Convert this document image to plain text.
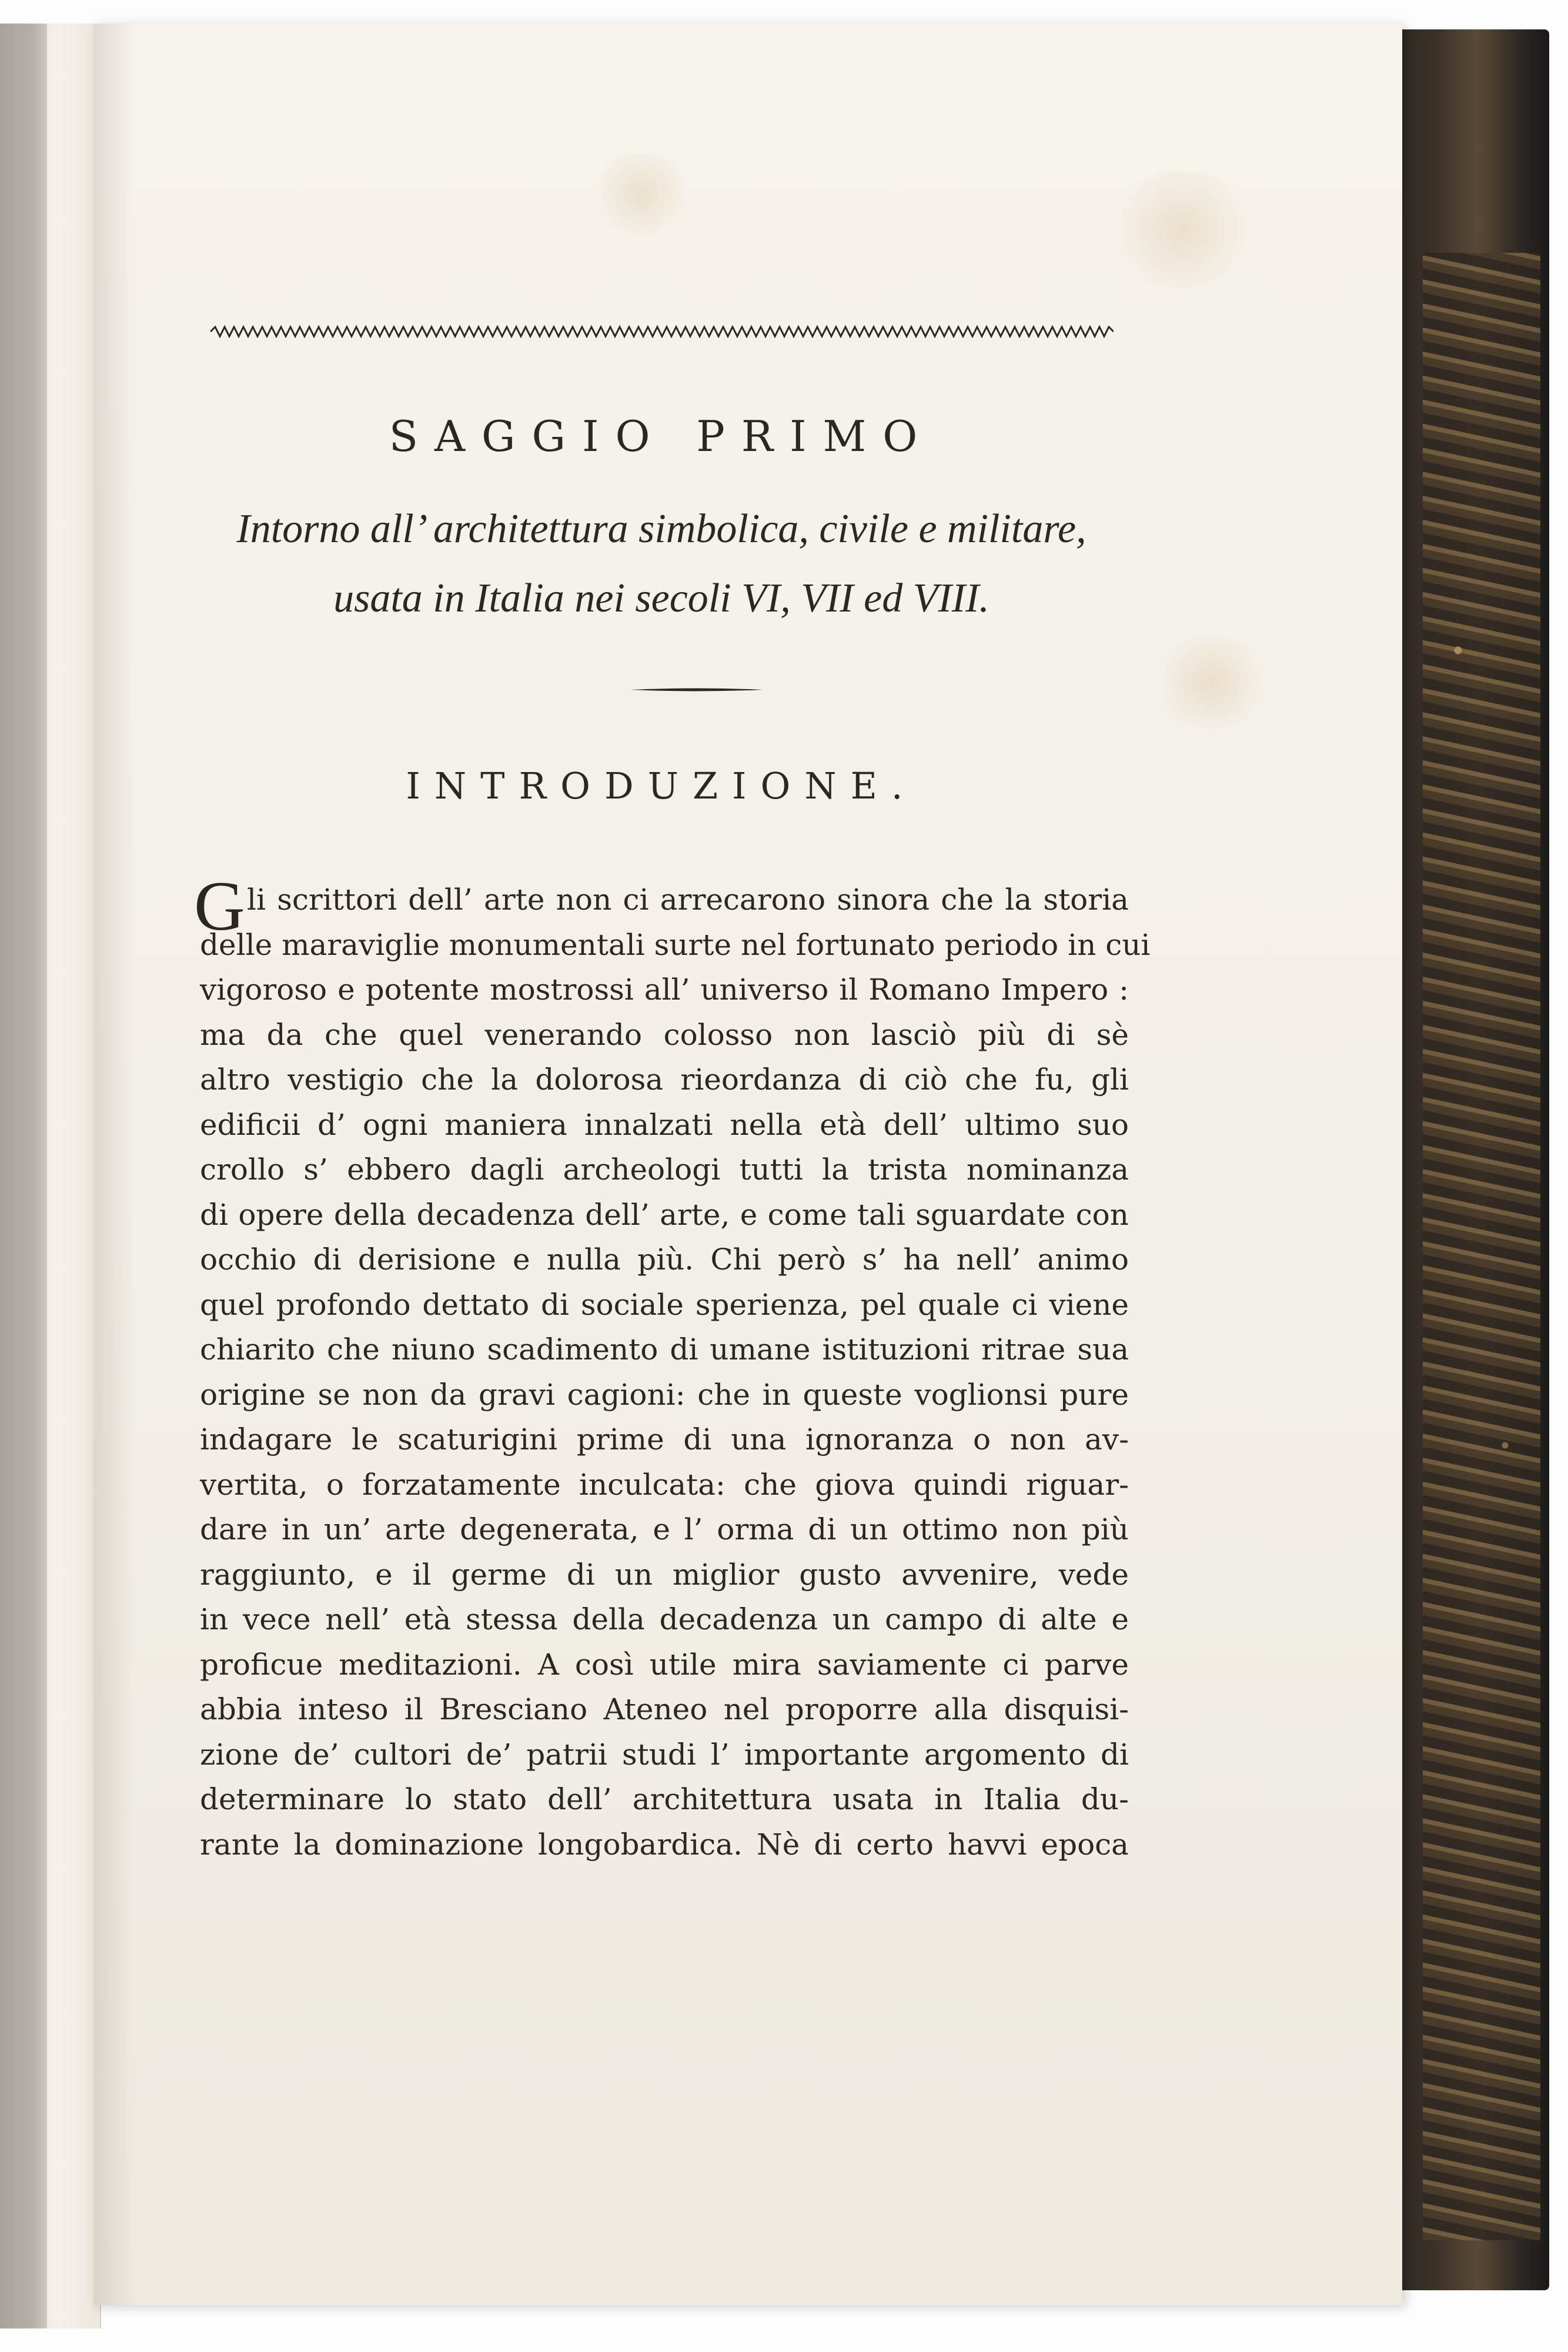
SAGGIO PRIMO
Intorno all’ architettura simbolica, civile e militare,
usata in Italia nei secoli VI, VII ed VIII.
INTRODUZIONE.
G li scrittori dell’ arte non ci arrecarono sinora che la storia
delle maraviglie monumentali surte nel fortunato periodo in cui
vigoroso e potente mostrossi all’ universo il Romano Impero :
ma da che quel venerando colosso non lasciò più di sè
altro vestigio che la dolorosa rieordanza di ciò che fu, gli
edificii d’ ogni maniera innalzati nella età dell’ ultimo suo
crollo s’ ebbero dagli archeologi tutti la trista nominanza
di opere della decadenza dell’ arte, e come tali sguardate con
occhio di derisione e nulla più. Chi però s’ ha nell’ animo
quel profondo dettato di sociale sperienza, pel quale ci viene
chiarito che niuno scadimento di umane istituzioni ritrae sua
origine se non da gravi cagioni: che in queste voglionsi pure
indagare le scaturigini prime di una ignoranza o non av-
vertita, o forzatamente inculcata: che giova quindi riguar-
dare in un’ arte degenerata, e l’ orma di un ottimo non più
raggiunto, e il germe di un miglior gusto avvenire, vede
in vece nell’ età stessa della decadenza un campo di alte e
proficue meditazioni. A così utile mira saviamente ci parve
abbia inteso il Bresciano Ateneo nel proporre alla disquisi-
zione de’ cultori de’ patrii studi l’ importante argomento di
determinare lo stato dell’ architettura usata in Italia du-
rante la dominazione longobardica. Nè di certo havvi epoca
